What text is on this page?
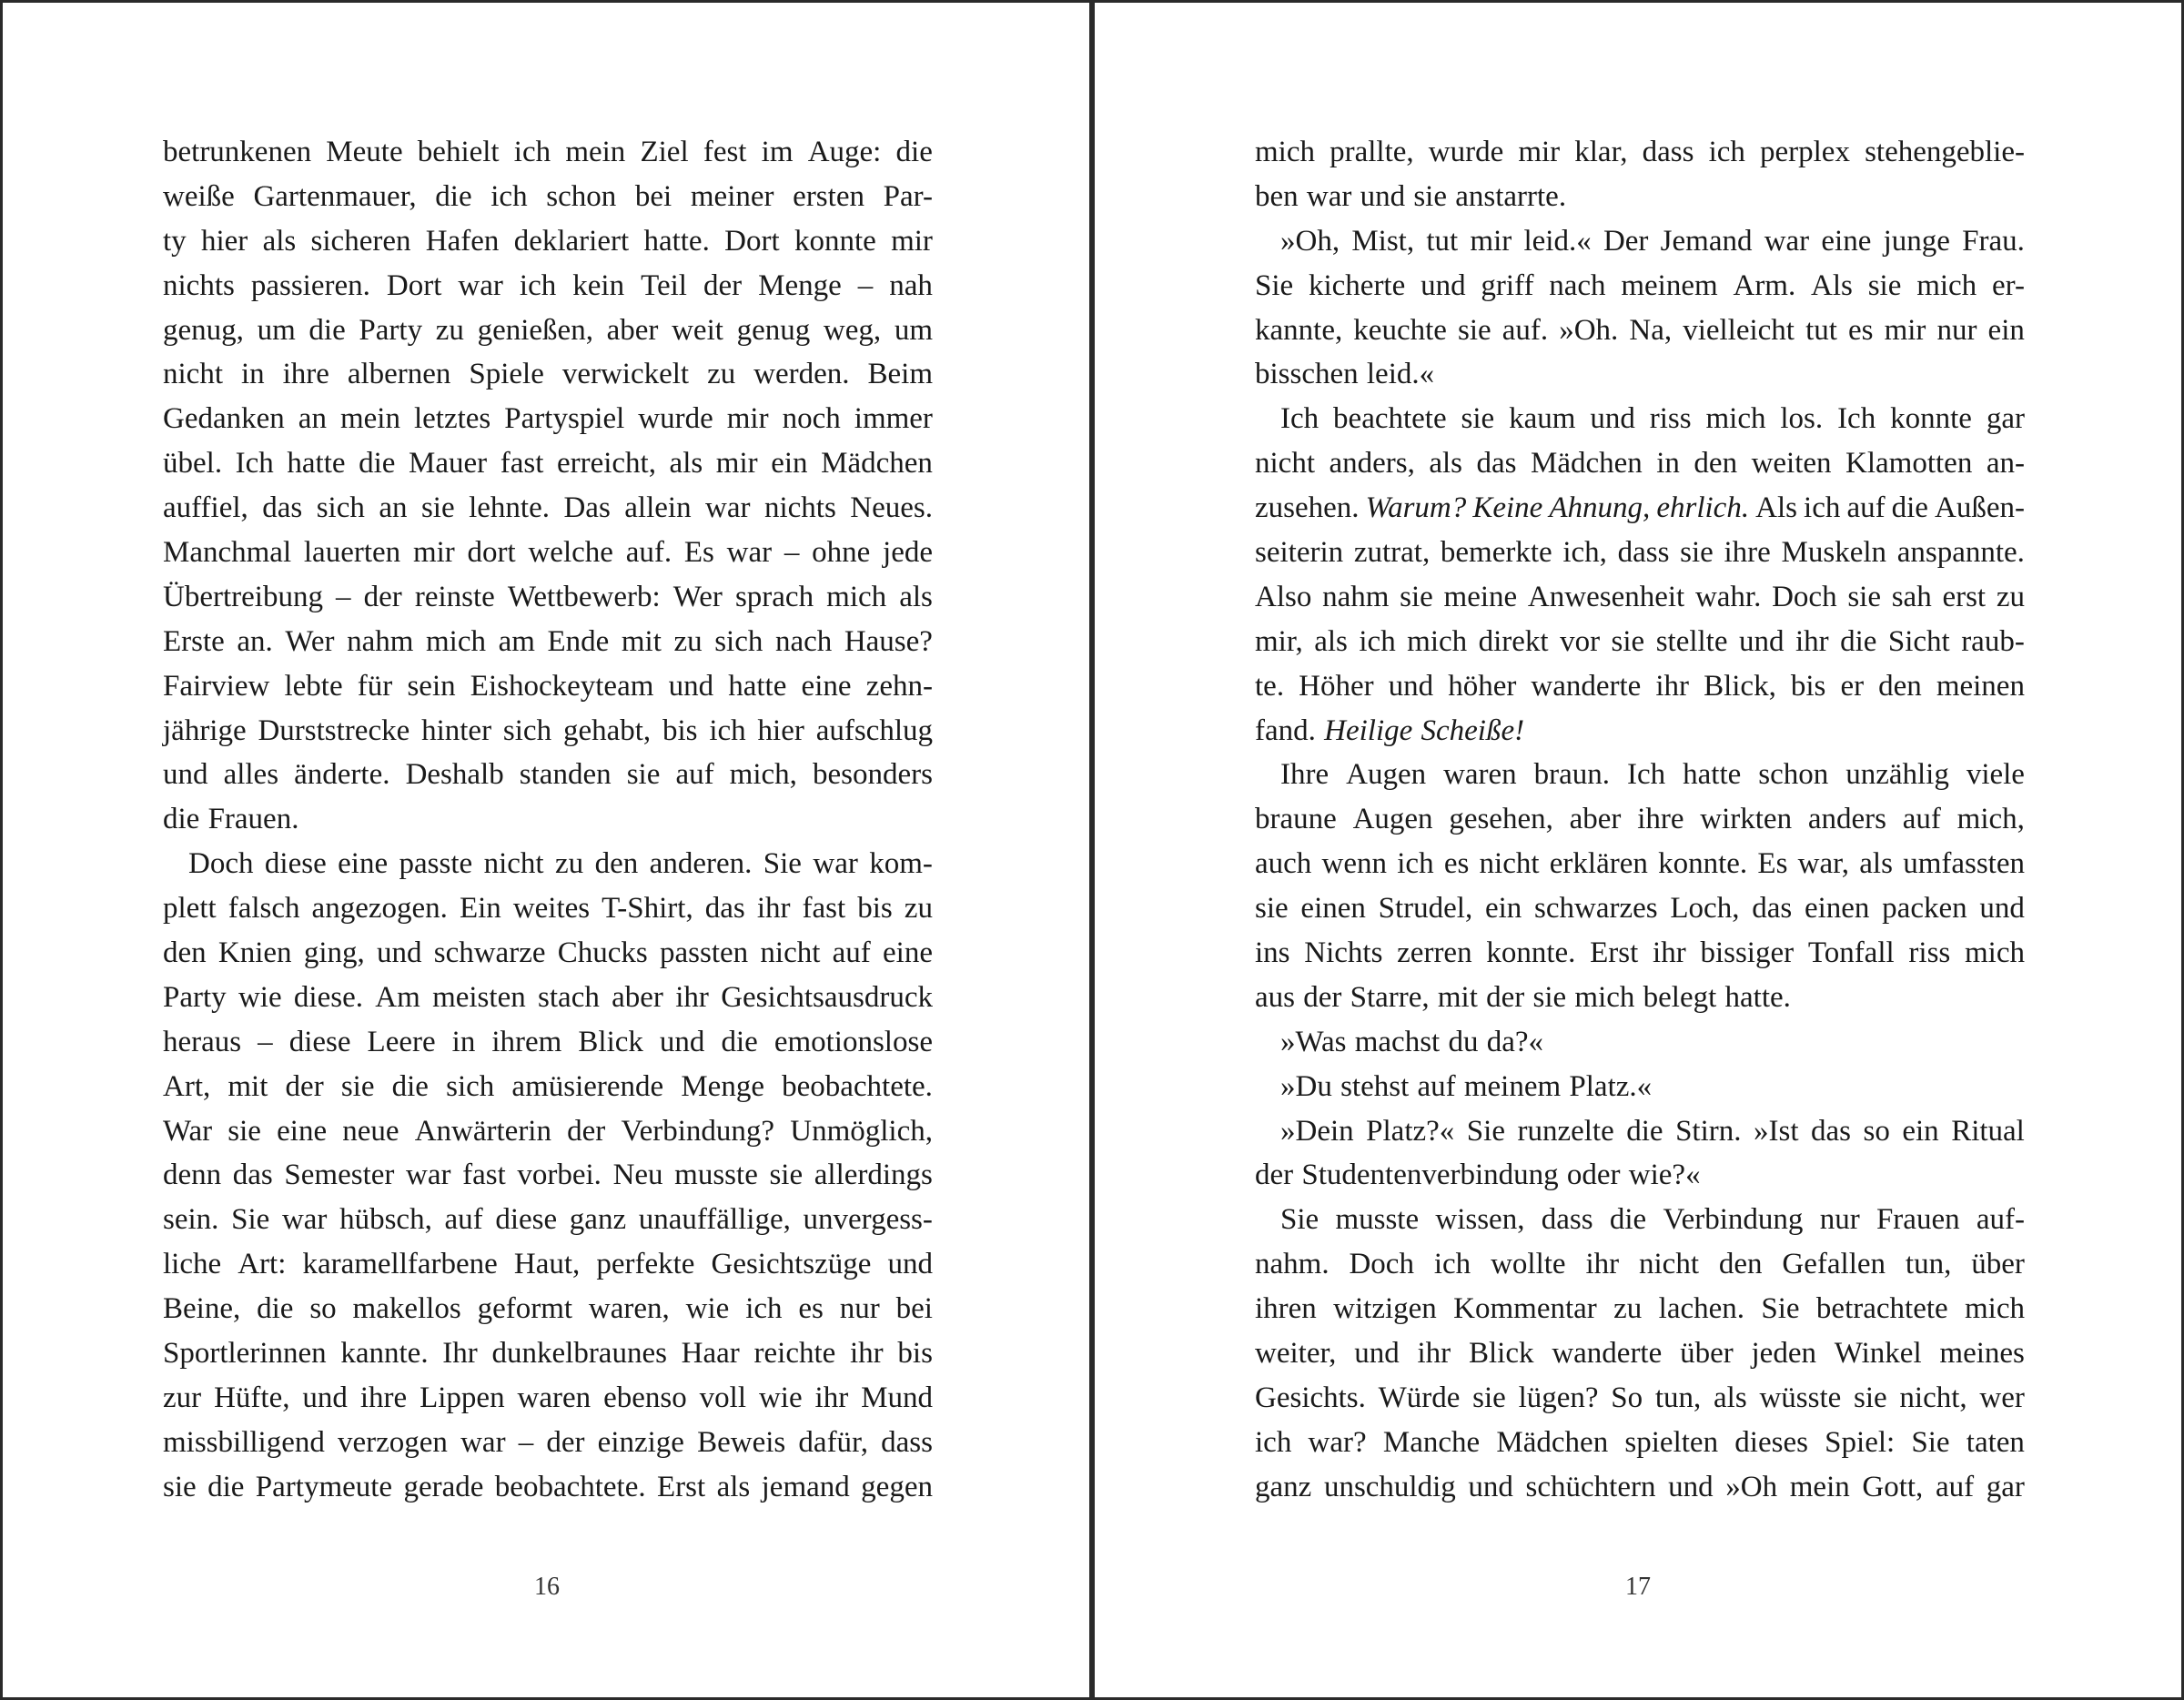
betrunkenen Meute behielt ich mein Ziel fest im Auge: die
weiße Gartenmauer, die ich schon bei meiner ersten Par-
ty hier als sicheren Hafen deklariert hatte. Dort konnte mir
nichts passieren. Dort war ich kein Teil der Menge – nah
genug, um die Party zu genießen, aber weit genug weg, um
nicht in ihre albernen Spiele verwickelt zu werden. Beim
Gedanken an mein letztes Partyspiel wurde mir noch immer
übel. Ich hatte die Mauer fast erreicht, als mir ein Mädchen
auffiel, das sich an sie lehnte. Das allein war nichts Neues.
Manchmal lauerten mir dort welche auf. Es war – ohne jede
Übertreibung – der reinste Wettbewerb: Wer sprach mich als
Erste an. Wer nahm mich am Ende mit zu sich nach Hause?
Fairview lebte für sein Eishockeyteam und hatte eine zehn-
jährige Durststrecke hinter sich gehabt, bis ich hier aufschlug
und alles änderte. Deshalb standen sie auf mich, besonders
die Frauen.
Doch diese eine passte nicht zu den anderen. Sie war kom-
plett falsch angezogen. Ein weites T-Shirt, das ihr fast bis zu
den Knien ging, und schwarze Chucks passten nicht auf eine
Party wie diese. Am meisten stach aber ihr Gesichtsausdruck
heraus – diese Leere in ihrem Blick und die emotionslose
Art, mit der sie die sich amüsierende Menge beobachtete.
War sie eine neue Anwärterin der Verbindung? Unmöglich,
denn das Semester war fast vorbei. Neu musste sie allerdings
sein. Sie war hübsch, auf diese ganz unauffällige, unvergess-
liche Art: karamellfarbene Haut, perfekte Gesichtszüge und
Beine, die so makellos geformt waren, wie ich es nur bei
Sportlerinnen kannte. Ihr dunkelbraunes Haar reichte ihr bis
zur Hüfte, und ihre Lippen waren ebenso voll wie ihr Mund
missbilligend verzogen war – der einzige Beweis dafür, dass
sie die Partymeute gerade beobachtete. Erst als jemand gegen
16
mich prallte, wurde mir klar, dass ich perplex stehengeblie-
ben war und sie anstarrte.
»Oh, Mist, tut mir leid.« Der Jemand war eine junge Frau.
Sie kicherte und griff nach meinem Arm. Als sie mich er-
kannte, keuchte sie auf. »Oh. Na, vielleicht tut es mir nur ein
bisschen leid.«
Ich beachtete sie kaum und riss mich los. Ich konnte gar
nicht anders, als das Mädchen in den weiten Klamotten an-
zusehen. Warum? Keine Ahnung, ehrlich. Als ich auf die Außen-
seiterin zutrat, bemerkte ich, dass sie ihre Muskeln anspannte.
Also nahm sie meine Anwesenheit wahr. Doch sie sah erst zu
mir, als ich mich direkt vor sie stellte und ihr die Sicht raub-
te. Höher und höher wanderte ihr Blick, bis er den meinen
fand. Heilige Scheiße!
Ihre Augen waren braun. Ich hatte schon unzählig viele
braune Augen gesehen, aber ihre wirkten anders auf mich,
auch wenn ich es nicht erklären konnte. Es war, als umfassten
sie einen Strudel, ein schwarzes Loch, das einen packen und
ins Nichts zerren konnte. Erst ihr bissiger Tonfall riss mich
aus der Starre, mit der sie mich belegt hatte.
»Was machst du da?«
»Du stehst auf meinem Platz.«
»Dein Platz?« Sie runzelte die Stirn. »Ist das so ein Ritual
der Studentenverbindung oder wie?«
Sie musste wissen, dass die Verbindung nur Frauen auf-
nahm. Doch ich wollte ihr nicht den Gefallen tun, über
ihren witzigen Kommentar zu lachen. Sie betrachtete mich
weiter, und ihr Blick wanderte über jeden Winkel meines
Gesichts. Würde sie lügen? So tun, als wüsste sie nicht, wer
ich war? Manche Mädchen spielten dieses Spiel: Sie taten
ganz unschuldig und schüchtern und »Oh mein Gott, auf gar
17
